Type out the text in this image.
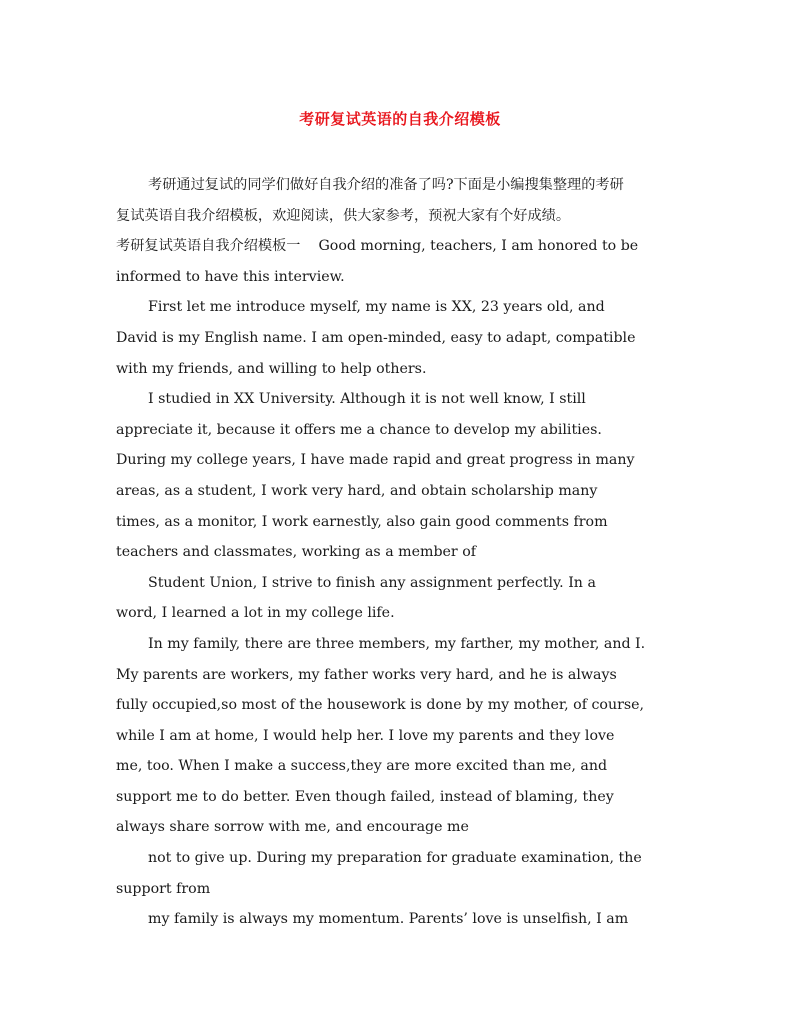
考研复试英语的自我介绍模板
考研通过复试的同学们做好自我介绍的准备了吗?下面是小编搜集整理的考研
复试英语自我介绍模板，欢迎阅读，供大家参考，预祝大家有个好成绩。
考研复试英语自我介绍模板一    Good morning, teachers, I am honored to be
informed to have this interview.
First let me introduce myself, my name is XX, 23 years old, and
David is my English name. I am open-minded, easy to adapt, compatible
with my friends, and willing to help others.
I studied in XX University. Although it is not well know, I still
appreciate it, because it offers me a chance to develop my abilities.
During my college years, I have made rapid and great progress in many
areas, as a student, I work very hard, and obtain scholarship many
times, as a monitor, I work earnestly, also gain good comments from
teachers and classmates, working as a member of
Student Union, I strive to finish any assignment perfectly. In a
word, I learned a lot in my college life.
In my family, there are three members, my farther, my mother, and I.
My parents are workers, my father works very hard, and he is always
fully occupied,so most of the housework is done by my mother, of course,
while I am at home, I would help her. I love my parents and they love
me, too. When I make a success,they are more excited than me, and
support me to do better. Even though failed, instead of blaming, they
always share sorrow with me, and encourage me
not to give up. During my preparation for graduate examination, the
support from
my family is always my momentum. Parents’ love is unselfish, I am
